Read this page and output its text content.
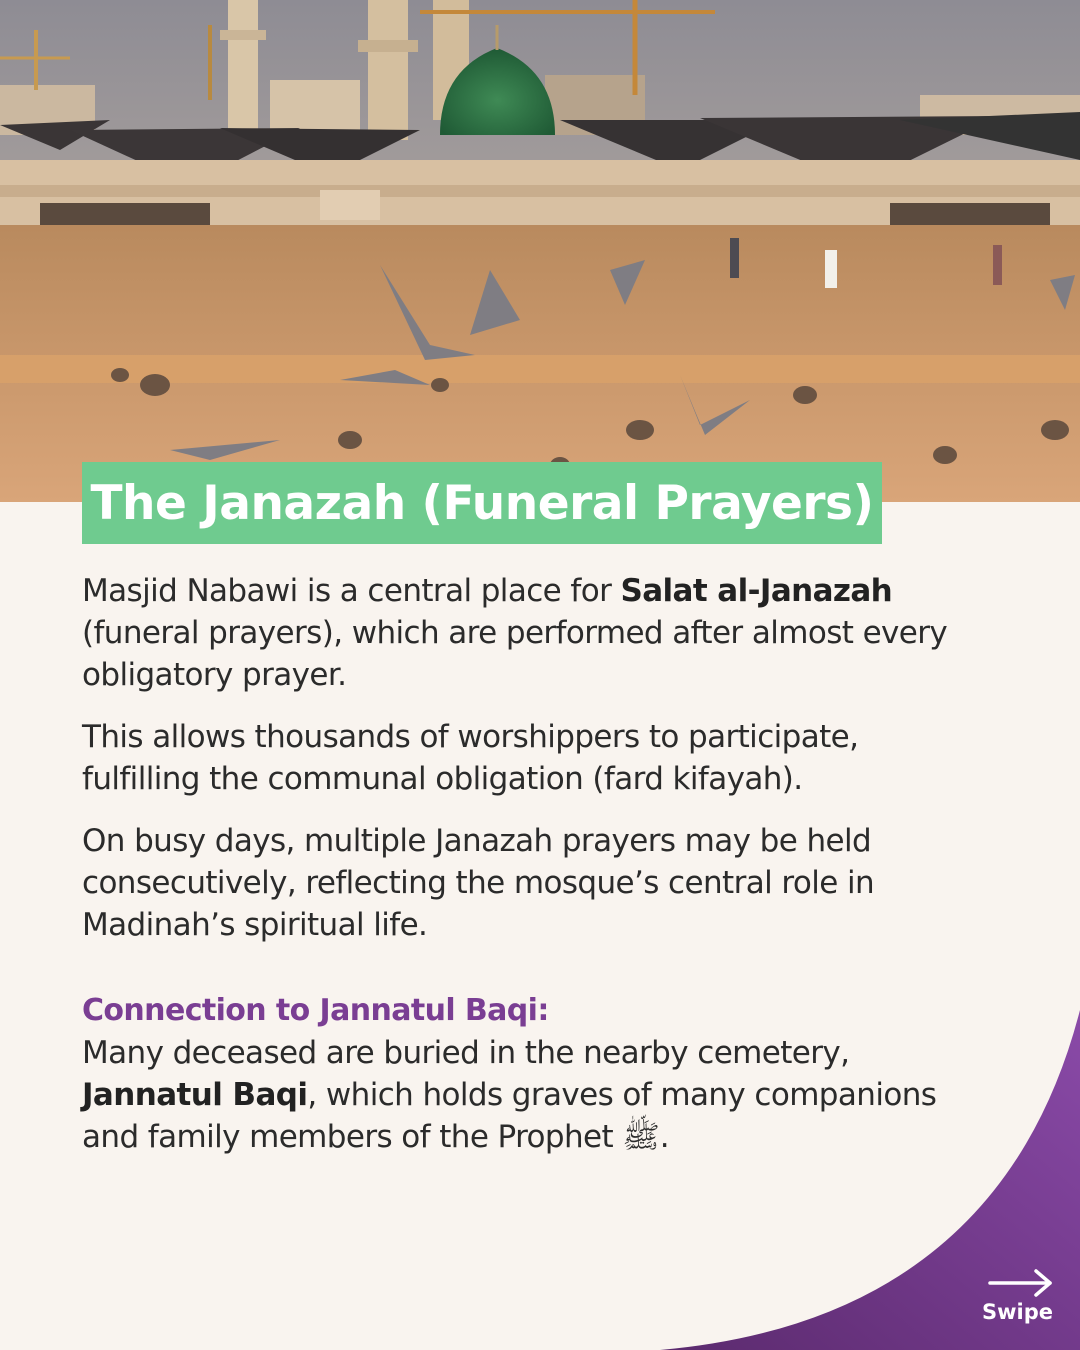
The Janazah (Funeral Prayers)

Masjid Nabawi is a central place for Salat al-Janazah (funeral prayers), which are performed after almost every obligatory prayer.

This allows thousands of worshippers to participate, fulfilling the communal obligation (fard kifayah).

On busy days, multiple Janazah prayers may be held consecutively, reflecting the mosque’s central role in Madinah’s spiritual life.

Connection to Jannatul Baqi:

Many deceased are buried in the nearby cemetery, Jannatul Baqi, which holds graves of many companions and family members of the Prophet ﷺ.

Swipe
